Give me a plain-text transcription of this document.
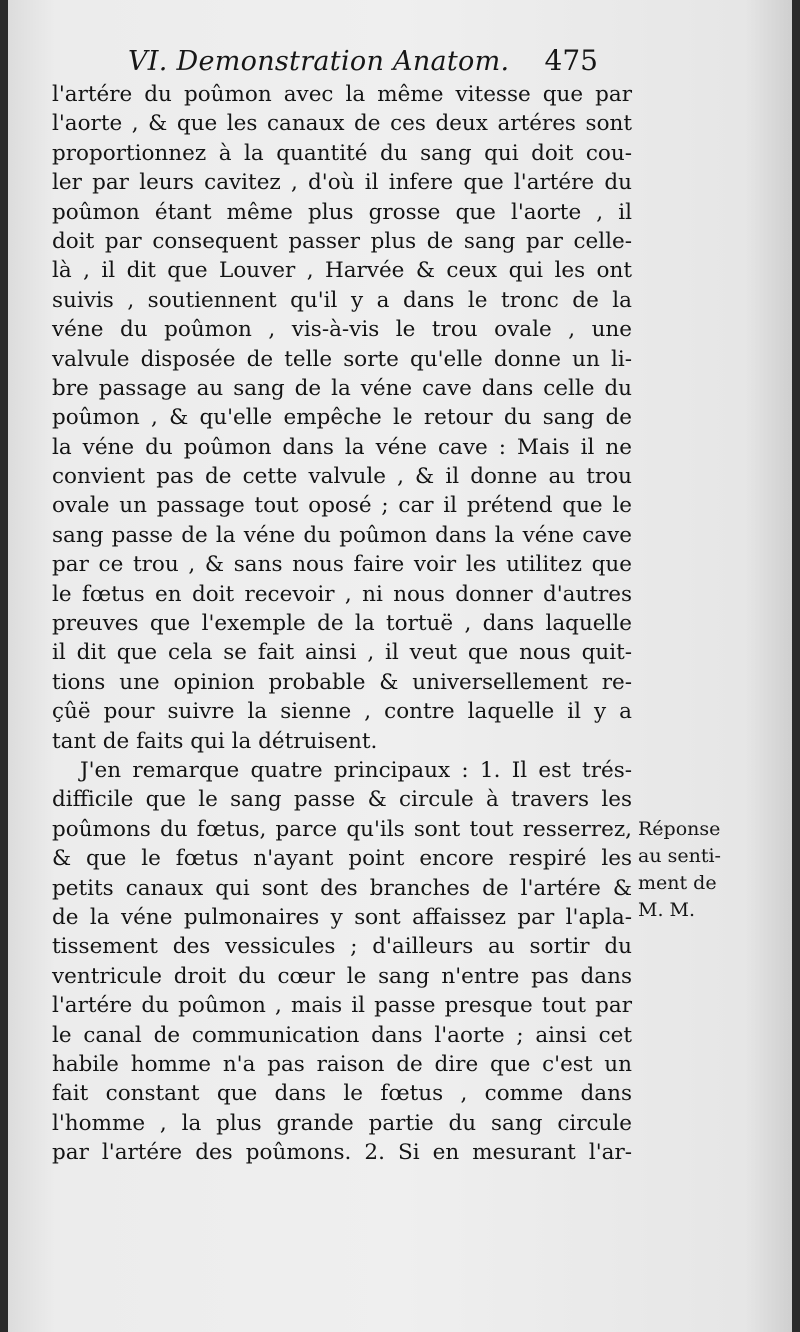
VI. Demonstration Anatom. 475
l'artére du poûmon avec la même vitesse que par
l'aorte , & que les canaux de ces deux artéres sont
proportionnez à la quantité du sang qui doit cou-
ler par leurs cavitez , d'où il infere que l'artére du
poûmon étant même plus grosse que l'aorte , il
doit par consequent passer plus de sang par celle-
là , il dit que Louver , Harvée & ceux qui les ont
suivis , soutiennent qu'il y a dans le tronc de la
véne du poûmon , vis-à-vis le trou ovale , une
valvule disposée de telle sorte qu'elle donne un li-
bre passage au sang de la véne cave dans celle du
poûmon , & qu'elle empêche le retour du sang de
la véne du poûmon dans la véne cave : Mais il ne
convient pas de cette valvule , & il donne au trou
ovale un passage tout oposé ; car il prétend que le
sang passe de la véne du poûmon dans la véne cave
par ce trou , & sans nous faire voir les utilitez que
le fœtus en doit recevoir , ni nous donner d'autres
preuves que l'exemple de la tortuë , dans laquelle
il dit que cela se fait ainsi , il veut que nous quit-
tions une opinion probable & universellement re-
çûë pour suivre la sienne , contre laquelle il y a
tant de faits qui la détruisent.
J'en remarque quatre principaux : 1. Il est trés-
difficile que le sang passe & circule à travers les
poûmons du fœtus, parce qu'ils sont tout resserrez,
& que le fœtus n'ayant point encore respiré les
petits canaux qui sont des branches de l'artére &
de la véne pulmonaires y sont affaissez par l'apla-
tissement des vessicules ; d'ailleurs au sortir du
ventricule droit du cœur le sang n'entre pas dans
l'artére du poûmon , mais il passe presque tout par
le canal de communication dans l'aorte ; ainsi cet
habile homme n'a pas raison de dire que c'est un
fait constant que dans le fœtus , comme dans
l'homme , la plus grande partie du sang circule
par l'artére des poûmons. 2. Si en mesurant l'ar-
Réponse
au senti-
ment de
M. M.
